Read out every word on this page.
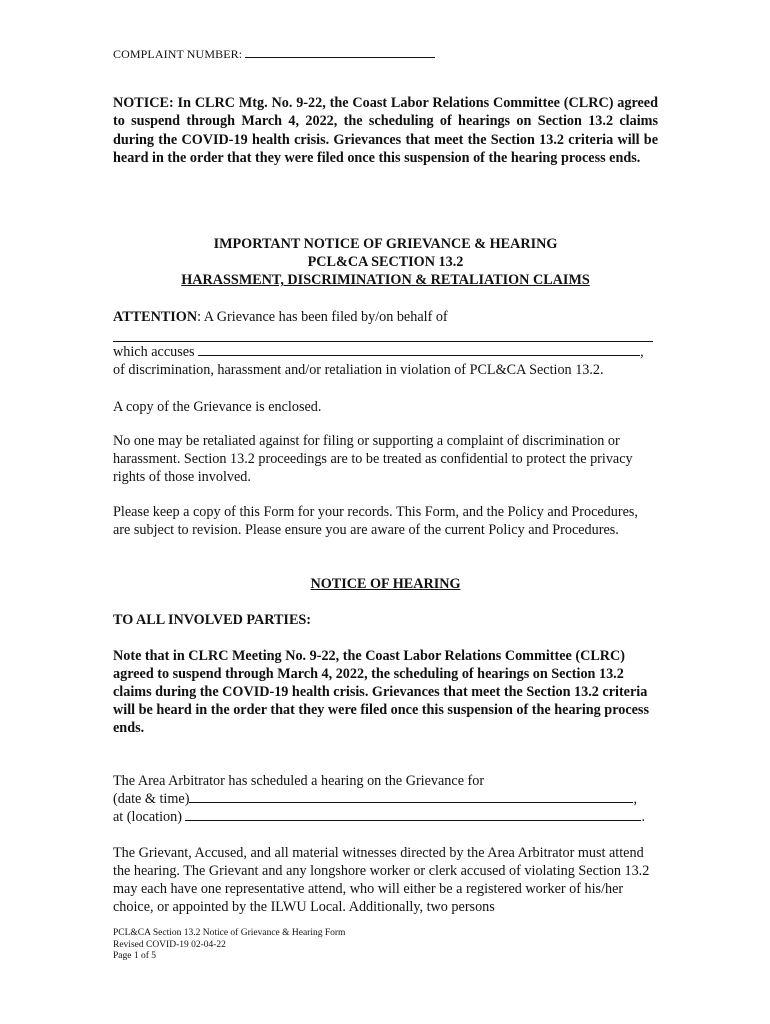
COMPLAINT NUMBER:

NOTICE: In CLRC Mtg. No. 9-22, the Coast Labor Relations Committee (CLRC) agreed to suspend through March 4, 2022, the scheduling of hearings on Section 13.2 claims during the COVID-19 health crisis. Grievances that meet the Section 13.2 criteria will be heard in the order that they were filed once this suspension of the hearing process ends.

IMPORTANT NOTICE OF GRIEVANCE & HEARING

PCL&CA SECTION 13.2

HARASSMENT, DISCRIMINATION & RETALIATION CLAIMS

ATTENTION: A Grievance has been filed by/on behalf of

which accuses	,
of discrimination, harassment and/or retaliation in violation of PCL&CA Section 13.2.

A copy of the Grievance is enclosed.

No one may be retaliated against for filing or supporting a complaint of discrimination or harassment. Section 13.2 proceedings are to be treated as confidential to protect the privacy rights of those involved.

Please keep a copy of this Form for your records. This Form, and the Policy and Procedures, are subject to revision. Please ensure you are aware of the current Policy and Procedures.

NOTICE OF HEARING

TO ALL INVOLVED PARTIES:

Note that in CLRC Meeting No. 9-22, the Coast Labor Relations Committee (CLRC) agreed to suspend through March 4, 2022, the scheduling of hearings on Section 13.2 claims during the COVID-19 health crisis. Grievances that meet the Section 13.2 criteria will be heard in the order that they were filed once this suspension of the hearing process ends.

The Area Arbitrator has scheduled a hearing on the Grievance for
(date & time)	,
at (location)	.

The Grievant, Accused, and all material witnesses directed by the Area Arbitrator must attend the hearing. The Grievant and any longshore worker or clerk accused of violating Section 13.2 may each have one representative attend, who will either be a registered worker of his/her choice, or appointed by the ILWU Local. Additionally, two persons

PCL&CA Section 13.2 Notice of Grievance & Hearing Form
Revised COVID-19 02-04-22
Page 1 of 5
